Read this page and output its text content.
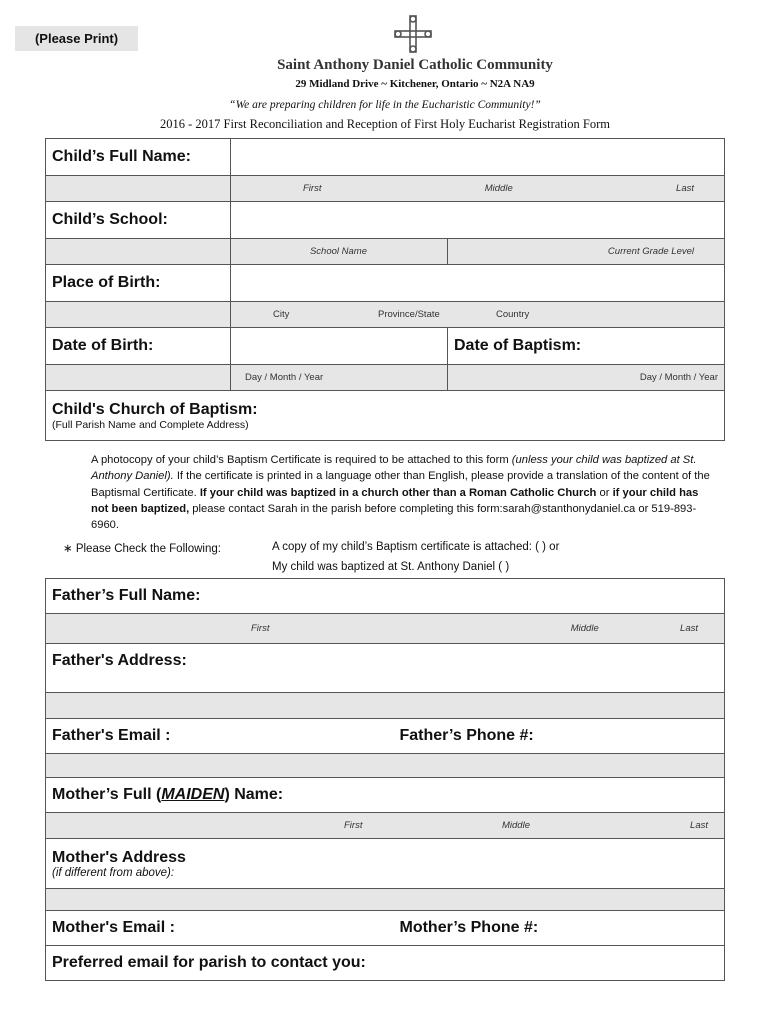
(Please Print)
Saint Anthony Daniel Catholic Community
29 Midland Drive ~ Kitchener, Ontario ~ N2A NA9
“We are preparing children for life in the Eucharistic Community!”
2016 - 2017 First Reconciliation and Reception of First Holy Eucharist Registration Form
Child’s Full Name:		

	First Middle Last	

Child’s School:		
	School Name	Current Grade Level
Place of Birth:		

	City Province/State Country	

Date of Birth:		Date of Baptism:
	Day / Month / Year	Day / Month / Year

Child's Church of Baptism:
(Full Parish Name and Complete Address)		
A photocopy of your child’s Baptism Certificate is required to be attached to this form (unless your child was baptized at St. Anthony Daniel). If the certificate is printed in a language other than English, please provide a translation of the content of the Baptismal Certificate. If your child was baptized in a church other than a Roman Catholic Church or if your child has not been baptized, please contact Sarah in the parish before completing this form:sarah@stanthonydaniel.ca or 519-893-6960.
∗ Please Check the Following:	A copy of my child’s Baptism certificate is attached: ( ) or
My child was baptized at St. Anthony Daniel ( )
Father’s Full Name:	

First Middle Last	

Father's Address:	

Father's Email :	Father’s Phone #:

Mother’s Full (MAIDEN) Name:	

First Middle Last	

Mother's Address
(if different from above):	

Mother's Email :	Mother’s Phone #:
Preferred email for parish to contact you:	
